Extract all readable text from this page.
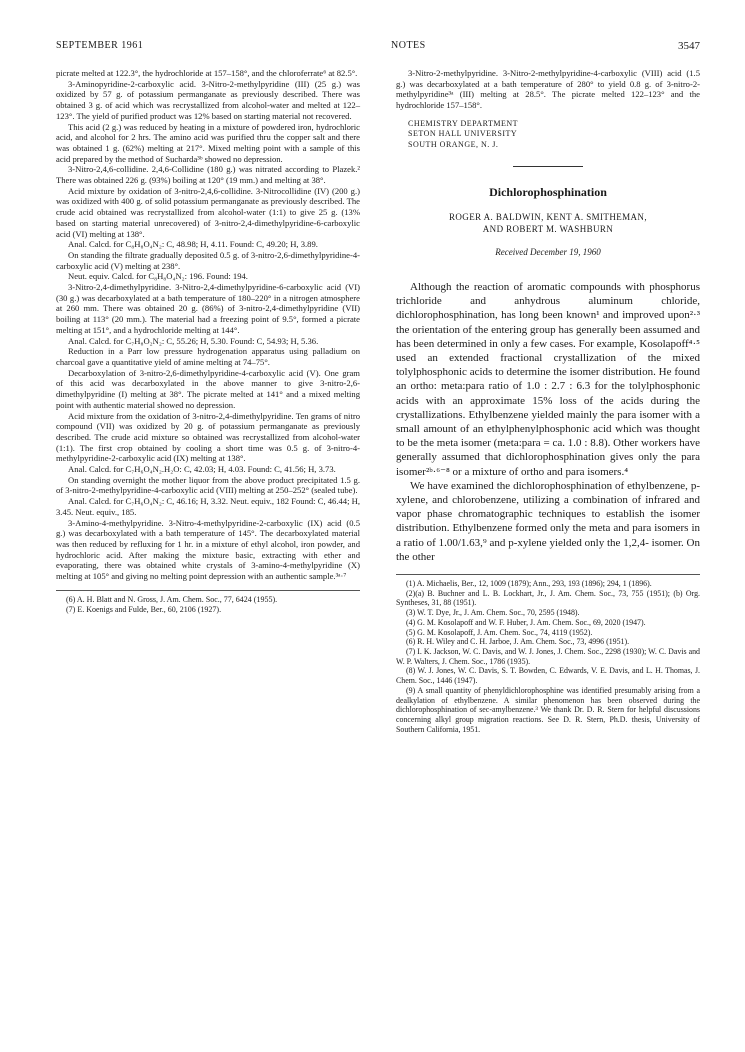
SEPTEMBER 1961	NOTES	3547

picrate melted at 122.3°, the hydrochloride at 157–158°, and the chloroferrate⁶ at 82.5°.

3-Aminopyridine-2-carboxylic acid. 3-Nitro-2-methylpyridine (III) (25 g.) was oxidized by 57 g. of potassium permanganate as previously described. There was obtained 3 g. of acid which was recrystallized from alcohol-water and melted at 122–123°. The yield of purified product was 12% based on starting material not recovered.

This acid (2 g.) was reduced by heating in a mixture of powdered iron, hydrochloric acid, and alcohol for 2 hrs. The amino acid was purified thru the copper salt and there was obtained 1 g. (62%) melting at 217°. Mixed melting point with a sample of this acid prepared by the method of Sucharda³ᵇ showed no depression.

3-Nitro-2,4,6-collidine. 2,4,6-Collidine (180 g.) was nitrated according to Plazek.² There was obtained 226 g. (93%) boiling at 120° (19 mm.) and melting at 38°.

Acid mixture by oxidation of 3-nitro-2,4,6-collidine. 3-Nitrocollidine (IV) (200 g.) was oxidized with 400 g. of solid potassium permanganate as previously described. The crude acid obtained was recrystallized from alcohol-water (1:1) to give 25 g. (13% based on starting material unrecovered) of 3-nitro-2,4-dimethylpyridine-6-carboxylic acid (VI) melting at 138°.

Anal. Calcd. for C₈H₈O₄N₂: C, 48.98; H, 4.11. Found: C, 49.20; H, 3.89.

On standing the filtrate gradually deposited 0.5 g. of 3-nitro-2,6-dimethylpyridine-4-carboxylic acid (V) melting at 238°.

Neut. equiv. Calcd. for C₈H₈O₄N₂: 196. Found: 194.

3-Nitro-2,4-dimethylpyridine. 3-Nitro-2,4-dimethylpyridine-6-carboxylic acid (VI) (30 g.) was decarboxylated at a bath temperature of 180–220° in a nitrogen atmosphere at 260 mm. There was obtained 20 g. (86%) of 3-nitro-2,4-dimethylpyridine (VII) boiling at 113° (20 mm.). The material had a freezing point of 9.5°, formed a picrate melting at 151°, and a hydrochloride melting at 144°.

Anal. Calcd. for C₇H₈O₂N₂: C, 55.26; H, 5.30. Found: C, 54.93; H, 5.36.

Reduction in a Parr low pressure hydrogenation apparatus using palladium on charcoal gave a quantitative yield of amine melting at 74–75°.

Decarboxylation of 3-nitro-2,6-dimethylpyridine-4-carboxylic acid (V). One gram of this acid was decarboxylated in the above manner to give 3-nitro-2,6-dimethylpyridine (I) melting at 38°. The picrate melted at 141° and a mixed melting point with authentic material showed no depression.

Acid mixture from the oxidation of 3-nitro-2,4-dimethylpyridine. Ten grams of nitro compound (VII) was oxidized by 20 g. of potassium permanganate as previously described. The crude acid mixture so obtained was recrystallized from alcohol-water (1:1). The first crop obtained by cooling a short time was 0.5 g. of 3-nitro-4-methylpyridine-2-carboxylic acid (IX) melting at 138°.

Anal. Calcd. for C₇H₆O₄N₂.H₂O: C, 42.03; H, 4.03. Found: C, 41.56; H, 3.73.

On standing overnight the mother liquor from the above product precipitated 1.5 g. of 3-nitro-2-methylpyridine-4-carboxylic acid (VIII) melting at 250–252° (sealed tube).

Anal. Calcd. for C₇H₆O₄N₂: C, 46.16; H, 3.32. Neut. equiv., 182 Found: C, 46.44; H, 3.45. Neut. equiv., 185.

3-Amino-4-methylpyridine. 3-Nitro-4-methylpyridine-2-carboxylic (IX) acid (0.5 g.) was decarboxylated with a bath temperature of 145°. The decarboxylated material was then reduced by refluxing for 1 hr. in a mixture of ethyl alcohol, iron powder, and hydrochloric acid. After making the mixture basic, extracting with ether and evaporating, there was obtained white crystals of 3-amino-4-methylpyridine (X) melting at 105° and giving no melting point depression with an authentic sample.³ᵃ·⁷

(6) A. H. Blatt and N. Gross, J. Am. Chem. Soc., 77, 6424 (1955).

(7) E. Koenigs and Fulde, Ber., 60, 2106 (1927).

3-Nitro-2-methylpyridine. 3-Nitro-2-methylpyridine-4-carboxylic (VIII) acid (1.5 g.) was decarboxylated at a bath temperature of 280° to yield 0.8 g. of 3-nitro-2-methylpyridine³ᵃ (III) melting at 28.5°. The picrate melted 122–123° and the hydrochloride 157–158°.

CHEMISTRY DEPARTMENT
SETON HALL UNIVERSITY
SOUTH ORANGE, N. J.
Dichlorophosphination
ROGER A. BALDWIN, KENT A. SMITHEMAN,
AND ROBERT M. WASHBURN
Received December 19, 1960

Although the reaction of aromatic compounds with phosphorus trichloride and anhydrous aluminum chloride, dichlorophosphination, has long been known¹ and improved upon²·³ the orientation of the entering group has generally been assumed and has been determined in only a few cases. For example, Kosolapoff⁴·⁵ used an extended fractional crystallization of the mixed tolylphosphonic acids to determine the isomer distribution. He found an ortho: meta:para ratio of 1.0 : 2.7 : 6.3 for the tolylphosphonic acids with an approximate 15% loss of the acids during the crystallizations. Ethylbenzene yielded mainly the para isomer with a small amount of an ethylphenylphosphonic acid which was thought to be the meta isomer (meta:para = ca. 1.0 : 8.8). Other workers have generally assumed that dichlorophosphination gives only the para isomer²ᵇ·⁶⁻⁸ or a mixture of ortho and para isomers.⁴

We have examined the dichlorophosphination of ethylbenzene, p-xylene, and chlorobenzene, utilizing a combination of infrared and vapor phase chromatographic techniques to establish the isomer distribution. Ethylbenzene formed only the meta and para isomers in a ratio of 1.00/1.63,⁹ and p-xylene yielded only the 1,2,4- isomer. On the other

(1) A. Michaelis, Ber., 12, 1009 (1879); Ann., 293, 193 (1896); 294, 1 (1896).

(2)(a) B. Buchner and L. B. Lockhart, Jr., J. Am. Chem. Soc., 73, 755 (1951); (b) Org. Syntheses, 31, 88 (1951).

(3) W. T. Dye, Jr., J. Am. Chem. Soc., 70, 2595 (1948).

(4) G. M. Kosolapoff and W. F. Huber, J. Am. Chem. Soc., 69, 2020 (1947).

(5) G. M. Kosolapoff, J. Am. Chem. Soc., 74, 4119 (1952).

(6) R. H. Wiley and C. H. Jarboe, J. Am. Chem. Soc., 73, 4996 (1951).

(7) I. K. Jackson, W. C. Davis, and W. J. Jones, J. Chem. Soc., 2298 (1930); W. C. Davis and W. P. Walters, J. Chem. Soc., 1786 (1935).

(8) W. J. Jones, W. C. Davis, S. T. Bowden, C. Edwards, V. E. Davis, and L. H. Thomas, J. Chem. Soc., 1446 (1947).

(9) A small quantity of phenyldichlorophosphine was identified presumably arising from a dealkylation of ethylbenzene. A similar phenomenon has been observed during the dichlorophosphination of sec-amylbenzene.³ We thank Dr. D. R. Stern for helpful discussions concerning alkyl group migration reactions. See D. R. Stern, Ph.D. thesis, University of Southern California, 1951.
